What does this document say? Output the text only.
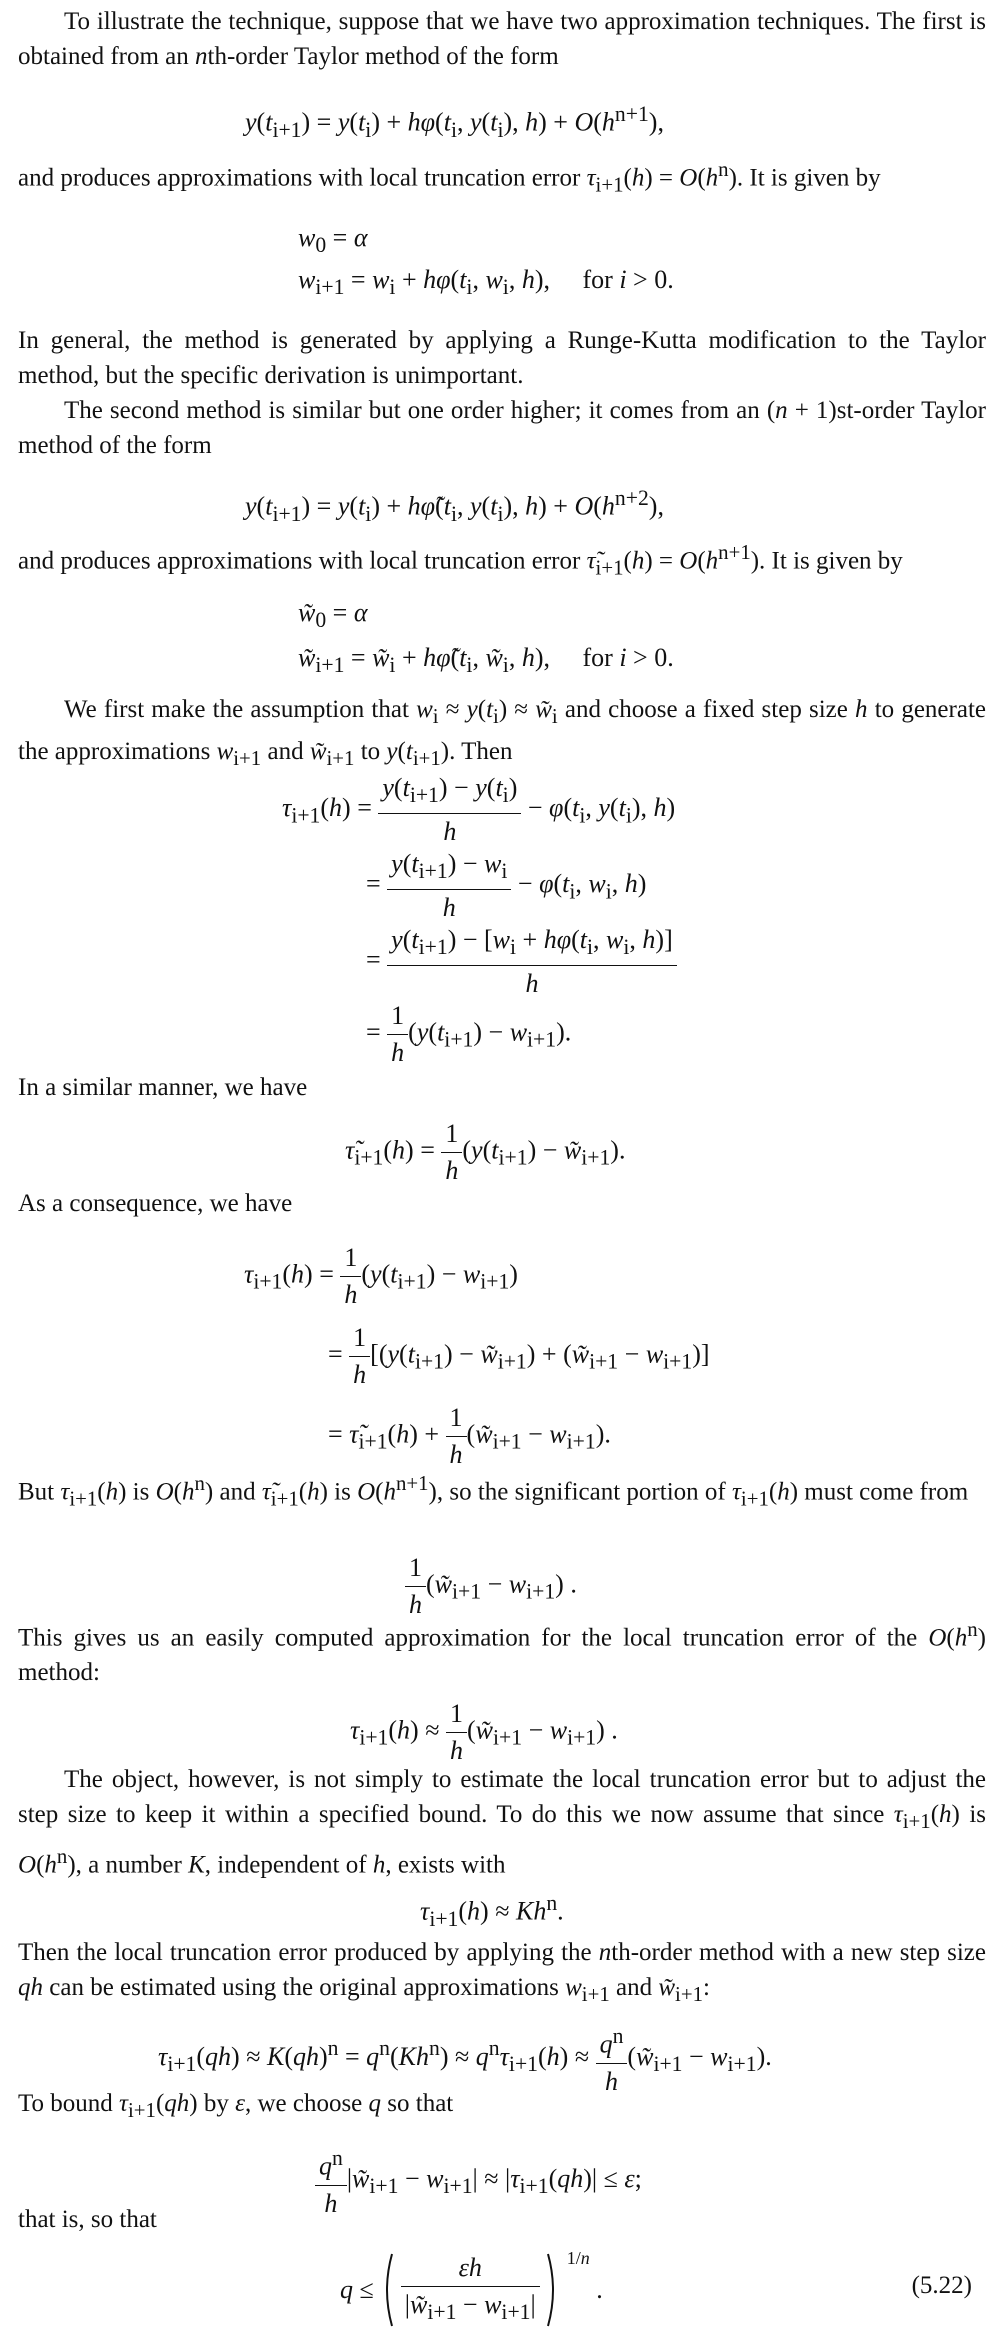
To illustrate the technique, suppose that we have two approximation techniques. The first is obtained from an nth-order Taylor method of the form

$y(t_{i+1}) = y(t_i) + h\varphi(t_i$, $y(t_i)$, $h) + O(h^{n+1})$,

and produces approximations with local truncation error $\tau_{i+1}(h) = O(h^n)$. It is given by

$w_0 = \alpha$
$w_{i+1} = w_i + h\varphi(t_i$, $w_i$, h),     for i > 0.

In general, the method is generated by applying a Runge-Kutta modification to the Taylor method, but the specific derivation is unimportant.

The second method is similar but one order higher; it comes from an (n + 1)st-order Taylor method of the form

$y(t_{i+1}) = y(t_i)$ + $h\varphĩ(t_i$, $y(t_i)$, $h) + O(h^{n+2})$,

and produces approximations with local truncation error $\taũ_{i+1}(h) = O(h^{n+1})$. It is given by

$w̃_0 = \alpha$
$w̃_{i+1}$ = $w̃_i$ + $h\varphĩ(t_i$, $w̃_i$, h),     for i > 0.

We first make the assumption that $w_i \approx y(t_i)$ ≈ $w̃_i$ and choose a fixed step size h to generate the approximations $w_{i+1}$ and $w̃_{i+1}$ to $y(t_{i+1})$. Then

$\tau_{i+1}(h) = \frac{y(t_{i+1}) - y(t_i)}{h} - \varphi(t_i$, $y(t_i)$, h)
= $\frac{y(t_{i+1}) - w_i}{h} - \varphi(t_i$, $w_i$, h)
= $\frac{y(t_{i+1}) - [w_i + h\varphi(t_i, w_i, h)]}{h}$
= $\frac{1}{h} (y(t_{i+1}) - w_{i+1})$.

In a similar manner, we have

$\taũ_{i+1}(h) = \frac{1}{h} (y(t_{i+1})$ − $w̃_{i+1}$).

As a consequence, we have

$\tau_{i+1}(h) = \frac{1}{h} (y(t_{i+1}) - w_{i+1})$
= $\frac{1}{h} [(y(t_{i+1})$ − $w̃_{i+1}$) + $(w̃_{i+1} - w_{i+1})$]
= $\taũ_{i+1}(h) + \frac{1}{h}$ $(w̃_{i+1} - w_{i+1})$.

But $\tau_{i+1}(h)$ is $O(h^n)$ and $\taũ_{i+1}(h)$ is $O(h^{n+1})$, so the significant portion of $\tau_{i+1}(h)$ must come from

$\frac{1}{h}$ $(w̃_{i+1} - w_{i+1})$ .

This gives us an easily computed approximation for the local truncation error of the $O(h^n)$ method:

$\tau_{i+1}(h) \approx \frac{1}{h}$ $(w̃_{i+1} - w_{i+1})$ .

The object, however, is not simply to estimate the local truncation error but to adjust the step size to keep it within a specified bound. To do this we now assume that since $\tau_{i+1}(h)$ is $O(h^n)$, a number K, independent of h, exists with

$\tau_{i+1}(h) \approx Kh^n$.

Then the local truncation error produced by applying the nth-order method with a new step size qh can be estimated using the original approximations $w_{i+1}$ and $w̃_{i+1}$:

$\tau_{i+1}(qh) \approx K(qh)^n = q^n(Kh^n) \approx q^n\tau_{i+1}(h) \approx \frac{q^n}{h}$ $(w̃_{i+1} - w_{i+1})$.

To bound $\tau_{i+1}(qh)$ by ε, we choose q so that

$\frac{q^n}{h}$ $|w̃_{i+1} - w_{i+1}| \approx |\tau_{i+1}(qh)| \le \varepsilon$;

that is, so that

$q \le \frac{\varepsilon h}{|w̃_{i+1} - w_{i+1}|} ^{1/n}$ .	(5.22)
